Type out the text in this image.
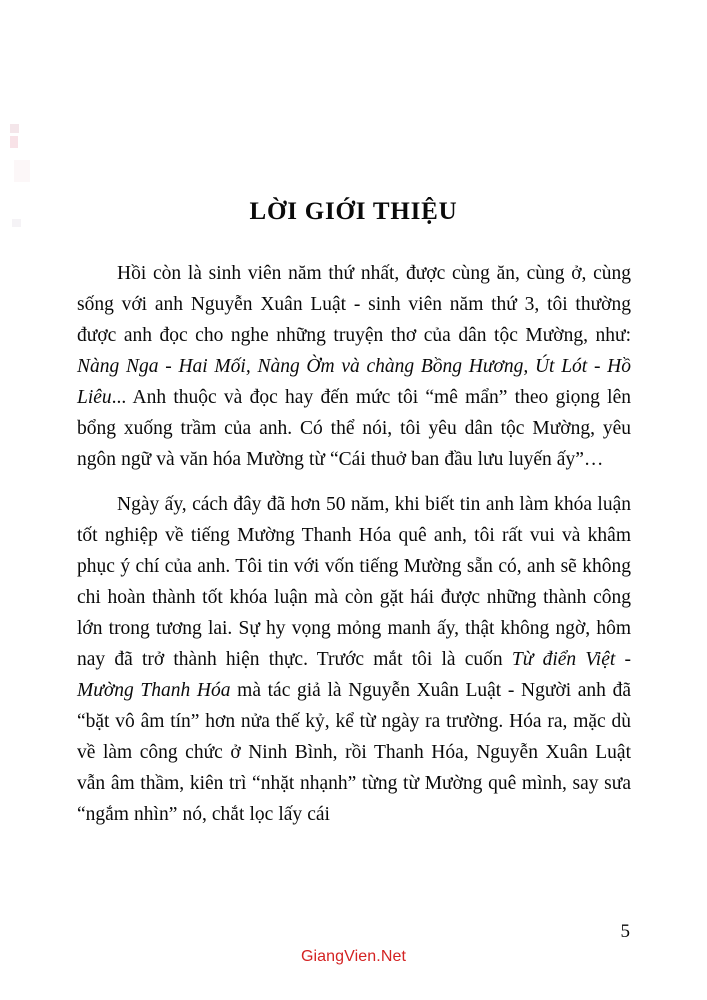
LỜI GIỚI THIỆU

Hồi còn là sinh viên năm thứ nhất, được cùng ăn, cùng ở, cùng sống với anh Nguyễn Xuân Luật - sinh viên năm thứ 3, tôi thường được anh đọc cho nghe những truyện thơ của dân tộc Mường, như: Nàng Nga - Hai Mối, Nàng Ờm và chàng Bồng Hương, Út Lót - Hồ Liêu... Anh thuộc và đọc hay đến mức tôi “mê mẩn” theo giọng lên bổng xuống trầm của anh. Có thể nói, tôi yêu dân tộc Mường, yêu ngôn ngữ và văn hóa Mường từ “Cái thuở ban đầu lưu luyến ấy”…

Ngày ấy, cách đây đã hơn 50 năm, khi biết tin anh làm khóa luận tốt nghiệp về tiếng Mường Thanh Hóa quê anh, tôi rất vui và khâm phục ý chí của anh. Tôi tin với vốn tiếng Mường sẵn có, anh sẽ không chi hoàn thành tốt khóa luận mà còn gặt hái được những thành công lớn trong tương lai. Sự hy vọng mỏng manh ấy, thật không ngờ, hôm nay đã trở thành hiện thực. Trước mắt tôi là cuốn Từ điển Việt - Mường Thanh Hóa mà tác giả là Nguyễn Xuân Luật - Người anh đã “bặt vô âm tín” hơn nửa thế kỷ, kể từ ngày ra trường. Hóa ra, mặc dù về làm công chức ở Ninh Bình, rồi Thanh Hóa, Nguyễn Xuân Luật vẫn âm thầm, kiên trì “nhặt nhạnh” từng từ Mường quê mình, say sưa “ngắm nhìn” nó, chắt lọc lấy cái

5
GiangVien.Net
